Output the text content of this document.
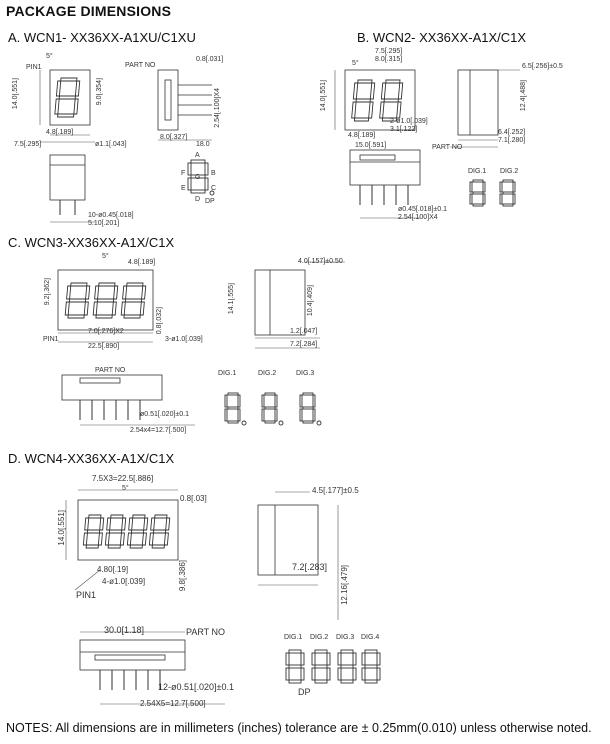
PACKAGE DIMENSIONS
A. WCN1- XX36XX-A1XU/C1XU
5°
PIN1	PART NO
0.8[.031]
14.0[.551]	9.0[.354]	2.54[.100]X4
4.8[.189]
7.5[.295]	ø1.1[.043]
8.0[.327]
18.0
10-ø0.45[.018]
5.10[.201]
A
F	B
G
E	C
D DP
B. WCN2- XX36XX-A1X/C1X
7.5[.295]
8.0[.315]
5°
14.0[.551]
4.8[.189]
2-ø1.0[.039]
3.1[.122]
6.5[.256]±0.5
12.4[.488]
6.4[.252]
7.1[.280]
PART NO
15.0[.591]
ø0.45[.018]±0.1
2.54[.100]X4
DIG.1 DIG.2
C. WCN3-XX36XX-A1X/C1X
5°
4.8[.189]
9.2[.362]
7.0[.276]X2
22.5[.890]
0.8[.032]
3-ø1.0[.039]
PIN1
4.0[.157]±0.50
14.1[.555]	10.4[.409]
1.2[.047]
7.2[.284]
PART NO
ø0.51[.020]±0.1
2.54x4=12.7[.500]
DIG.1	DIG.2	DIG.3
D. WCN4-XX36XX-A1X/C1X
7.5X3=22.5[.886]
5°
0.8[.03]
14.0[.551]
4.80[.19]
4-ø1.0[.039]	9.8[.386]
PIN1
4.5[.177]±0.5
7.2[.283] 12.16[.479]
30.0[1.18]	PART NO
12-ø0.51[.020]±0.1
2.54X5=12.7[.500]
DIG.1 DIG.2 DIG.3 DIG.4
DP
NOTES: All dimensions are in millimeters (inches) tolerance are ± 0.25mm(0.010) unless otherwise noted.
